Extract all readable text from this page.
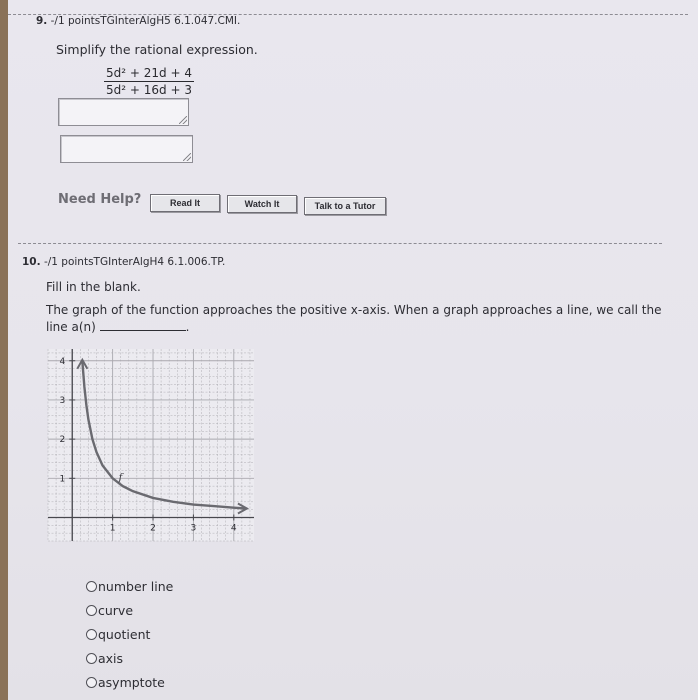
9. -/1 pointsTGInterAlgH5 6.1.047.CMI.
Simplify the rational expression.
$\frac{\text{5d² + 21d + 4}}{\text{5d² + 16d + 3}}$
Need Help?	Read It	Watch It	Talk to a Tutor
10. -/1 pointsTGInterAlgH4 6.1.006.TP.
Fill in the blank.
The graph of the function approaches the positive x-axis. When a graph approaches a line, we call the
line a(n)	.
1	2	3	4
1
2
3
4
f
number line
curve
quotient
axis
asymptote
